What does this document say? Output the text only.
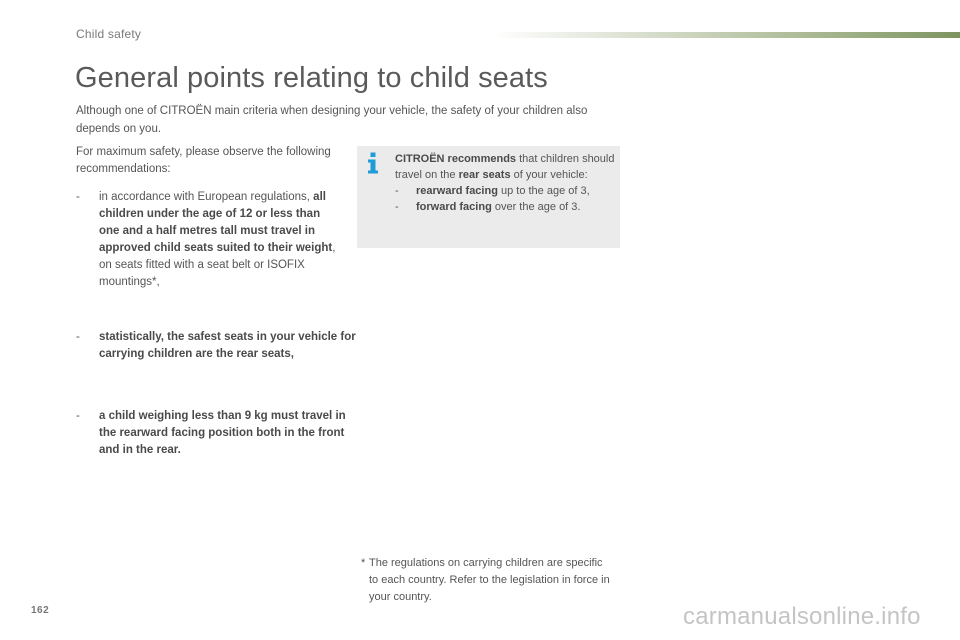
Child safety
General points relating to child seats
Although one of CITROËN main criteria when designing your vehicle, the safety of your children also depends on you.

For maximum safety, please observe the following recommendations:

- in accordance with European regulations, all children under the age of 12 or less than one and a half metres tall must travel in approved child seats suited to their weight, on seats fitted with a seat belt or ISOFIX mountings*,
- statistically, the safest seats in your vehicle for carrying children are the rear seats,
- a child weighing less than 9 kg must travel in the rearward facing position both in the front and in the rear.
CITROËN recommends that children should travel on the rear seats of your vehicle:
- rearward facing up to the age of 3,
- forward facing over the age of 3.
* The regulations on carrying children are specific to each country. Refer to the legislation in force in your country.
162	carmanualsonline.info
